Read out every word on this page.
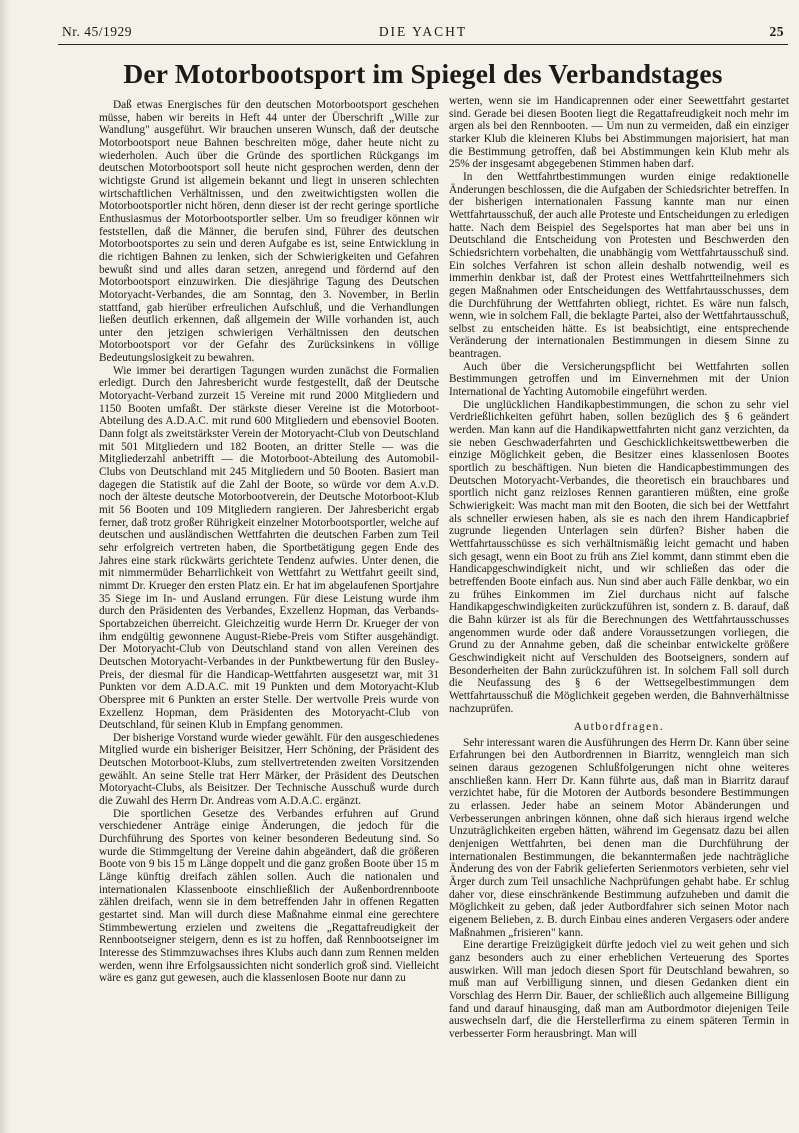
Nr. 45/1929	DIE YACHT	25
Der Motorbootsport im Spiegel des Verbandstages

Daß etwas Energisches für den deutschen Motorbootsport geschehen müsse, haben wir bereits in Heft 44 unter der Überschrift „Wille zur Wandlung" ausgeführt. Wir brauchen unseren Wunsch, daß der deutsche Motorbootsport neue Bahnen beschreiten möge, daher heute nicht zu wiederholen. Auch über die Gründe des sportlichen Rückgangs im deutschen Motorbootsport soll heute nicht gesprochen werden, denn der wichtigste Grund ist allgemein bekannt und liegt in unseren schlechten wirtschaftlichen Verhältnissen, und den zweitwichtigsten wollen die Motorbootsportler nicht hören, denn dieser ist der recht geringe sportliche Enthusiasmus der Motorbootsportler selber. Um so freudiger können wir feststellen, daß die Männer, die berufen sind, Führer des deutschen Motorbootsportes zu sein und deren Aufgabe es ist, seine Entwicklung in die richtigen Bahnen zu lenken, sich der Schwierigkeiten und Gefahren bewußt sind und alles daran setzen, anregend und fördernd auf den Motorbootsport einzuwirken. Die diesjährige Tagung des Deutschen Motoryacht-Verbandes, die am Sonntag, den 3. November, in Berlin stattfand, gab hierüber erfreulichen Aufschluß, und die Verhandlungen ließen deutlich erkennen, daß allgemein der Wille vorhanden ist, auch unter den jetzigen schwierigen Verhältnissen den deutschen Motorbootsport vor der Gefahr des Zurücksinkens in völlige Bedeutungslosigkeit zu bewahren.

Wie immer bei derartigen Tagungen wurden zunächst die Formalien erledigt. Durch den Jahresbericht wurde festgestellt, daß der Deutsche Motoryacht-Verband zurzeit 15 Vereine mit rund 2000 Mitgliedern und 1150 Booten umfaßt. Der stärkste dieser Vereine ist die Motorboot-Abteilung des A.D.A.C. mit rund 600 Mitgliedern und ebensoviel Booten. Dann folgt als zweitstärkster Verein der Motoryacht-Club von Deutschland mit 501 Mitgliedern und 182 Booten, an dritter Stelle — was die Mitgliederzahl anbetrifft — die Motorboot-Abteilung des Automobil-Clubs von Deutschland mit 245 Mitgliedern und 50 Booten. Basiert man dagegen die Statistik auf die Zahl der Boote, so würde vor dem A.v.D. noch der älteste deutsche Motorbootverein, der Deutsche Motorboot-Klub mit 56 Booten und 109 Mitgliedern rangieren. Der Jahresbericht ergab ferner, daß trotz großer Rührigkeit einzelner Motorbootsportler, welche auf deutschen und ausländischen Wettfahrten die deutschen Farben zum Teil sehr erfolgreich vertreten haben, die Sportbetätigung gegen Ende des Jahres eine stark rückwärts gerichtete Tendenz aufwies. Unter denen, die mit nimmermüder Beharrlichkeit von Wettfahrt zu Wettfahrt geeilt sind, nimmt Dr. Krueger den ersten Platz ein. Er hat im abgelaufenen Sportjahre 35 Siege im In- und Ausland errungen. Für diese Leistung wurde ihm durch den Präsidenten des Verbandes, Exzellenz Hopman, das Verbands-Sportabzeichen überreicht. Gleichzeitig wurde Herrn Dr. Krueger der von ihm endgültig gewonnene August-Riebe-Preis vom Stifter ausgehändigt. Der Motoryacht-Club von Deutschland stand von allen Vereinen des Deutschen Motoryacht-Verbandes in der Punktbewertung für den Busley-Preis, der diesmal für die Handicap-Wettfahrten ausgesetzt war, mit 31 Punkten vor dem A.D.A.C. mit 19 Punkten und dem Motoryacht-Klub Oberspree mit 6 Punkten an erster Stelle. Der wertvolle Preis wurde von Exzellenz Hopman, dem Präsidenten des Motoryacht-Club von Deutschland, für seinen Klub in Empfang genommen.

Der bisherige Vorstand wurde wieder gewählt. Für den ausgeschiedenes Mitglied wurde ein bisheriger Beisitzer, Herr Schöning, der Präsident des Deutschen Motorboot-Klubs, zum stellvertretenden zweiten Vorsitzenden gewählt. An seine Stelle trat Herr Märker, der Präsident des Deutschen Motoryacht-Clubs, als Beisitzer. Der Technische Ausschuß wurde durch die Zuwahl des Herrn Dr. Andreas vom A.D.A.C. ergänzt.

Die sportlichen Gesetze des Verbandes erfuhren auf Grund verschiedener Anträge einige Änderungen, die jedoch für die Durchführung des Sportes von keiner besonderen Bedeutung sind. So wurde die Stimmgeltung der Vereine dahin abgeändert, daß die größeren Boote von 9 bis 15 m Länge doppelt und die ganz großen Boote über 15 m Länge künftig dreifach zählen sollen. Auch die nationalen und internationalen Klassenboote einschließlich der Außenbordrennboote zählen dreifach, wenn sie in dem betreffenden Jahr in offenen Regatten gestartet sind. Man will durch diese Maßnahme einmal eine gerechtere Stimmbewertung erzielen und zweitens die „Regattafreudigkeit der Rennbootseigner steigern, denn es ist zu hoffen, daß Rennbootseigner im Interesse des Stimmzuwachses ihres Klubs auch dann zum Rennen melden werden, wenn ihre Erfolgsaussichten nicht sonderlich groß sind. Vielleicht wäre es ganz gut gewesen, auch die klassenlosen Boote nur dann zu

werten, wenn sie im Handicaprennen oder einer Seewettfahrt gestartet sind. Gerade bei diesen Booten liegt die Regattafreudigkeit noch mehr im argen als bei den Rennbooten. — Um nun zu vermeiden, daß ein einziger starker Klub die kleineren Klubs bei Abstimmungen majorisiert, hat man die Bestimmung getroffen, daß bei Abstimmungen kein Klub mehr als 25% der insgesamt abgegebenen Stimmen haben darf.

In den Wettfahrtbestimmungen wurden einige redaktionelle Änderungen beschlossen, die die Aufgaben der Schiedsrichter betreffen. In der bisherigen internationalen Fassung kannte man nur einen Wettfahrtausschuß, der auch alle Proteste und Entscheidungen zu erledigen hatte. Nach dem Beispiel des Segelsportes hat man aber bei uns in Deutschland die Entscheidung von Protesten und Beschwerden den Schiedsrichtern vorbehalten, die unabhängig vom Wettfahrtausschuß sind. Ein solches Verfahren ist schon allein deshalb notwendig, weil es immerhin denkbar ist, daß der Protest eines Wettfahrtteilnehmers sich gegen Maßnahmen oder Entscheidungen des Wettfahrtausschusses, dem die Durchführung der Wettfahrten obliegt, richtet. Es wäre nun falsch, wenn, wie in solchem Fall, die beklagte Partei, also der Wettfahrtausschuß, selbst zu entscheiden hätte. Es ist beabsichtigt, eine entsprechende Veränderung der internationalen Bestimmungen in diesem Sinne zu beantragen.

Auch über die Versicherungspflicht bei Wettfahrten sollen Bestimmungen getroffen und im Einvernehmen mit der Union International de Yachting Automobile eingeführt werden.

Die unglücklichen Handikapbestimmungen, die schon zu sehr viel Verdrießlichkeiten geführt haben, sollen bezüglich des § 6 geändert werden. Man kann auf die Handikapwettfahrten nicht ganz verzichten, da sie neben Geschwaderfahrten und Geschicklichkeitswettbewerben die einzige Möglichkeit geben, die Besitzer eines klassenlosen Bootes sportlich zu beschäftigen. Nun bieten die Handicapbestimmungen des Deutschen Motoryacht-Verbandes, die theoretisch ein brauchbares und sportlich nicht ganz reizloses Rennen garantieren müßten, eine große Schwierigkeit: Was macht man mit den Booten, die sich bei der Wettfahrt als schneller erwiesen haben, als sie es nach den ihrem Handicapbrief zugrunde liegenden Unterlagen sein dürfen? Bisher haben die Wettfahrtausschüsse es sich verhältnismäßig leicht gemacht und haben sich gesagt, wenn ein Boot zu früh ans Ziel kommt, dann stimmt eben die Handicapgeschwindigkeit nicht, und wir schließen das oder die betreffenden Boote einfach aus. Nun sind aber auch Fälle denkbar, wo ein zu frühes Einkommen im Ziel durchaus nicht auf falsche Handikapgeschwindigkeiten zurückzuführen ist, sondern z. B. darauf, daß die Bahn kürzer ist als für die Berechnungen des Wettfahrtausschusses angenommen wurde oder daß andere Voraussetzungen vorliegen, die Grund zu der Annahme geben, daß die scheinbar entwickelte größere Geschwindigkeit nicht auf Verschulden des Bootseigners, sondern auf Besonderheiten der Bahn zurückzuführen ist. In solchem Fall soll durch die Neufassung des § 6 der Wettsegelbestimmungen dem Wettfahrtausschuß die Möglichkeit gegeben werden, die Bahnverhältnisse nachzuprüfen.

Autbordfragen.

Sehr interessant waren die Ausführungen des Herrn Dr. Kann über seine Erfahrungen bei den Autbordrennen in Biarritz, wenngleich man sich seinen daraus gezogenen Schlußfolgerungen nicht ohne weiteres anschließen kann. Herr Dr. Kann führte aus, daß man in Biarritz darauf verzichtet habe, für die Motoren der Autbords besondere Bestimmungen zu erlassen. Jeder habe an seinem Motor Abänderungen und Verbesserungen anbringen können, ohne daß sich hieraus irgend welche Unzuträglichkeiten ergeben hätten, während im Gegensatz dazu bei allen denjenigen Wettfahrten, bei denen man die Durchführung der internationalen Bestimmungen, die bekanntermaßen jede nachträgliche Änderung des von der Fabrik gelieferten Serienmotors verbieten, sehr viel Ärger durch zum Teil unsachliche Nachprüfungen gehabt habe. Er schlug daher vor, diese einschränkende Bestimmung aufzuheben und damit die Möglichkeit zu geben, daß jeder Autbordfahrer sich seinen Motor nach eigenem Belieben, z. B. durch Einbau eines anderen Vergasers oder andere Maßnahmen „frisieren" kann.

Eine derartige Freizügigkeit dürfte jedoch viel zu weit gehen und sich ganz besonders auch zu einer erheblichen Verteuerung des Sportes auswirken. Will man jedoch diesen Sport für Deutschland bewahren, so muß man auf Verbilligung sinnen, und diesen Gedanken dient ein Vorschlag des Herrn Dir. Bauer, der schließlich auch allgemeine Billigung fand und darauf hinausging, daß man am Autbordmotor diejenigen Teile auswechseln darf, die die Herstellerfirma zu einem späteren Termin in verbesserter Form herausbringt. Man will
